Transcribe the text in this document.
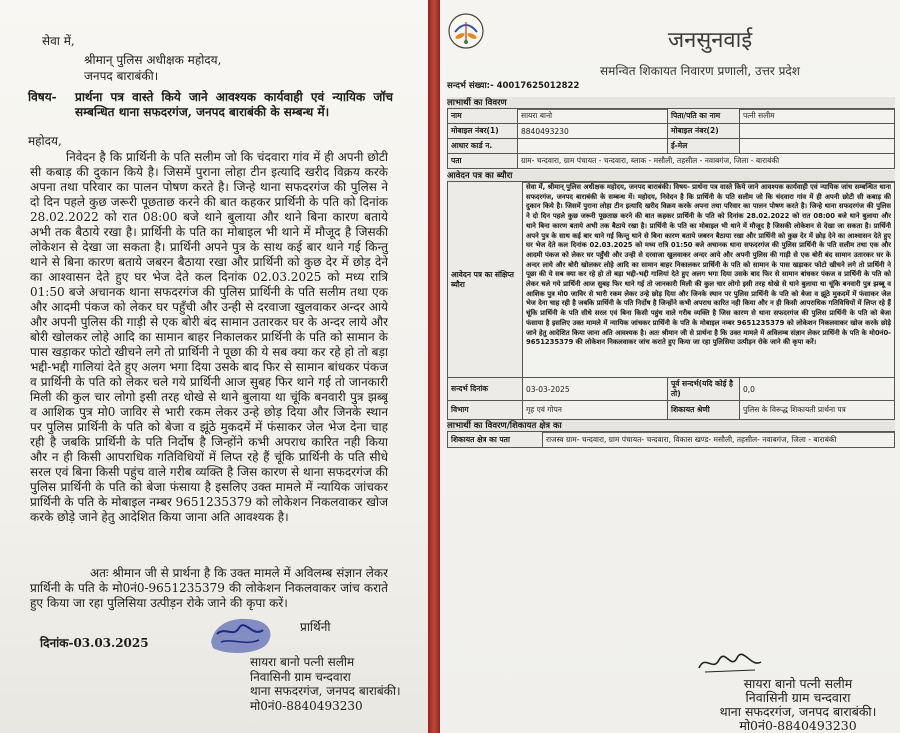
सेवा में,
श्रीमान् पुलिस अधीक्षक महोदय,
जनपद बाराबंकी।
विषय- प्रार्थना पत्र वास्ते किये जाने आवश्यक कार्यवाही एवं न्यायिक जॉच सम्बन्धित थाना सफदरगंज, जनपद बाराबंकी के सम्बन्ध में।
महोदय,
निवेदन है कि प्रार्थिनी के पति सलीम जो कि चंदवारा गांव में ही अपनी छोटी सी कबाड़ की दुकान किये है। जिसमें पुराना लोहा टीन इत्यादि खरीद विक्रय करके अपना तथा परिवार का पालन पोषण करते है। जिन्हे थाना सफदरगंज की पुलिस ने दो दिन पहले कुछ जरूरी पूछताछ करने की बात कहकर प्रार्थिनी के पति को दिनांक 28.02.2022 को रात 08:00 बजे थाने बुलाया और थाने बिना कारण बताये अभी तक बैठाये रखा है। प्रार्थिनी के पति का मोबाइल भी थाने में मौजूद है जिसकी लोकेशन से देखा जा सकता है। प्रार्थिनी अपने पुत्र के साथ कई बार थाने गई किन्तु थाने से बिना कारण बताये जबरन बैठाया रखा और प्रार्थिनी को कुछ देर में छोड़ देने का आश्वासन देते हुए घर भेज देते कल दिनांक 02.03.2025 को मध्य रात्रि 01:50 बजे अचानक थाना सफदरगंज की पुलिस प्रार्थिनी के पति सलीम तथा एक और आदमी पंकज को लेकर घर पहुँची और उन्ही से दरवाजा खुलवाकर अन्दर आये और अपनी पुलिस की गाड़ी से एक बोरी बंद सामान उतारकर घर के अन्दर लाये और बोरी खोलकर लोहे आदि का सामान बाहर निकालकर प्रार्थिनी के पति को सामान के पास खड़ाकर फोटो खीचने लगे तो प्रार्थिनी ने पूछा की ये सब क्या कर रहे हो तो बड़ा भद्दी-भद्दी गालियां देते हुए अलग भगा दिया उसके बाद फिर से सामान बांधकर पंकज व प्रार्थिनी के पति को लेकर चले गये प्रार्थिनी आज सुबह फिर थाने गई तो जानकारी मिली की कुल चार लोगो इसी तरह धोखे से थाने बुलाया था चूंकि बनवारी पुत्र झब्बू व आशिक पुत्र मो0 जाविर से भारी रकम लेकर उन्हे छोड़ दिया और जिनके स्थान पर पुलिस प्रार्थिनी के पति को बेजा व झूंठे मुकदमें में फंसाकर जेल भेज देना चाह रही है जबकि प्रार्थिनी के पति निर्दोष है जिन्होंने कभी अपराध कारित नही किया और न ही किसी आपराधिक गतिविधियों में लिप्त रहे हैं चूंकि प्रार्थिनी के पति सीधे सरल एवं बिना किसी पहुंच वाले गरीब व्यक्ति है जिस कारण से थाना सफदरगंज की पुलिस प्रार्थिनी के पति को बेजा फंसाया है इसलिए उक्त मामले में न्यायिक जांचकर प्रार्थिनी के पति के मोबाइल नम्बर 9651235379 को लोकेशन निकलवाकर खोज करके छोड़े जाने हेतु आदेशित किया जाना अति आवश्यक है।
अतः श्रीमान जी से प्रार्थना है कि उक्त मामले में अविलम्ब संज्ञान लेकर प्रार्थिनी के पति के मो0नं0-9651235379 की लोकेशन निकलवाकर जांच कराते हुए किया जा रहा पुलिसिया उत्पीड़न रोके जाने की कृपा करें।
दिनांक-03.03.2025
प्रार्थिनी
सायरा बानो पत्नी सलीम
निवासिनी ग्राम चन्दवारा
थाना सफदरगंज, जनपद बाराबंकी।
मो0नं0-8840493230
जनसुनवाई
समन्वित शिकायत निवारण प्रणाली, उत्तर प्रदेश
सन्दर्भ संख्या:- 40017625012822
लाभार्थी का विवरण
नाम	सायरा बानो	पिता/पति का नाम	पत्नी सलीम
मोबाइल नंबर(1)	8840493230	मोबाइल नंबर(2)	
आधार कार्ड न.		ई-मेल	
पता	ग्राम- चन्दवारा, ग्राम पंचायत - चन्दवारा, ब्लाक - मसौली, तहसील - नवाबगंज, जिला - बाराबंकी		
आवेदन पत्र का ब्यौरा
आवेदन पत्र का संक्षिप्त ब्यौरा	सेवा में, श्रीमान् पुलिस अधीक्षक महोदय, जनपद बाराबंकी। विषय- प्रार्थना पत्र वास्ते किये जाने आवश्यक कार्यवाही एवं न्यायिक जांच सम्बन्धित थाना सफदरगंज, जनपद बाराबंकी के सम्बन्ध में। महोदय, निवेदन है कि प्रार्थिनी के पति सलीम जो कि चंदवारा गांव में ही अपनी छोटी सी कबाड़ की दुकान किये है। जिसमें पुराना लोहा टीन इत्यादि खरीद विक्रय करके अपना तथा परिवार का पालन पोषण करते है। जिन्हे थाना सफदरगंज की पुलिस ने दो दिन पहले कुछ जरूरी पूछताछ करने की बात कहकर प्रार्थिनी के पति को दिनांक 28.02.2022 को रात 08:00 बजे थाने बुलाया और थाने बिना कारण बताये अभी तक बैठाये रखा है। प्रार्थिनी के पति का मोबाइल भी थाने में मौजूद है जिसकी लोकेशन से देखा जा सकता है। प्रार्थिनी अपने पुत्र के साथ कई बार थाने गई किन्तु थाने से बिना कारण बताये जबरन बैठाया रखा और प्रार्थिनी को कुछ देर में छोड़ देने का आश्वासन देते हुए घर भेज देते कल दिनांक 02.03.2025 को मध्य रात्रि 01:50 बजे अचानक थाना सफदरगंज की पुलिस प्रार्थिनी के पति सलीम तथा एक और आदमी पंकज को लेकर घर पहुँची और उन्ही से दरवाजा खुलवाकर अन्दर आये और अपनी पुलिस की गाड़ी से एक बोरी बंद सामान उतारकर घर के अन्दर लाये और बोरी खोलकर लोहे आदि का सामान बाहर निकालकर प्रार्थिनी के पति को सामान के पास खड़ाकर फोटो खीचने लगे तो प्रार्थिनी ने पूछा की ये सब क्या कर रहे हो तो बड़ा भद्दी-भद्दी गालियां देते हुए अलग भगा दिया उसके बाद फिर से सामान बांधकर पंकज व प्रार्थिनी के पति को लेकर चले गये प्रार्थिनी आज सुबह फिर थाने गई तो जानकारी मिली की कुल चार लोगो इसी तरह धोखे से थाने बुलाया था चूंकि बनवारी पुत्र झब्बू व आशिक पुत्र मो0 जाविर से भारी रकम लेकर उन्हे छोड़ दिया और जिनके स्थान पर पुलिस प्रार्थिनी के पति को बेजा व झूंठे मुकदमें में फंसाकर जेल भेज देना चाह रही है जबकि प्रार्थिनी के पति निर्दोष है जिन्होंने कभी अपराध कारित नही किया और न ही किसी आपराधिक गतिविधियों में लिप्त रहे हैं चूंकि प्रार्थिनी के पति सीधे सरल एवं बिना किसी पहुंच वाले गरीब व्यक्ति है जिस कारण से थाना सफदरगंज की पुलिस प्रार्थिनी के पति को बेजा फंसाया है इसलिए उक्त मामले में न्यायिक जांचकर प्रार्थिनी के पति के मोबाइल नम्बर 9651235379 को लोकेशन निकलवाकर खोज करके छोड़े जाने हेतु आदेशित किया जाना अति आवश्यक है। अतः श्रीमान जी से प्रार्थना है कि उक्त मामले में अविलम्ब संज्ञान लेकर प्रार्थिनी के पति के मो0नं0-9651235379 की लोकेशन निकलवाकर जांच कराते हुए किया जा रहा पुलिसिया उत्पीड़न रोके जाने की कृपा करें।		

सन्दर्भ दिनांक	03-03-2025	पूर्व सन्दर्भ(यदि कोई है तो)	0,0
विभाग	गृह एवं गोपन	शिकायत श्रेणी	पुलिस के विरूद्ध शिकायती प्रार्थना पत्र
लाभार्थी का विवरण/शिकायत क्षेत्र का
शिकायत क्षेत्र का पता	राजस्व ग्राम- चन्दवारा, ग्राम पंचायत- चन्दवारा, विकास खण्ड- मसौली, तहसील- नवाबगंज, जिला - बाराबंकी
सायरा बानो पत्नी सलीम
निवासिनी ग्राम चन्दवारा
थाना सफदरगंज, जनपद बाराबंकी।
मो0नं0-8840493230
